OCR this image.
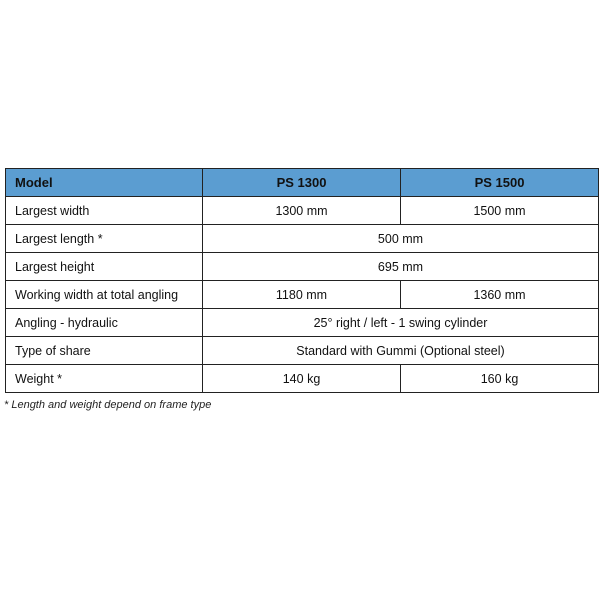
Model	PS 1300	PS 1500
Largest width	1300 mm	1500 mm
Largest length *	500 mm	
Largest height	695 mm	
Working width at total angling	1180 mm	1360 mm
Angling - hydraulic	25° right / left - 1 swing cylinder	
Type of share	Standard with Gummi (Optional steel)	
Weight *	140 kg	160 kg
* Length and weight depend on frame type
